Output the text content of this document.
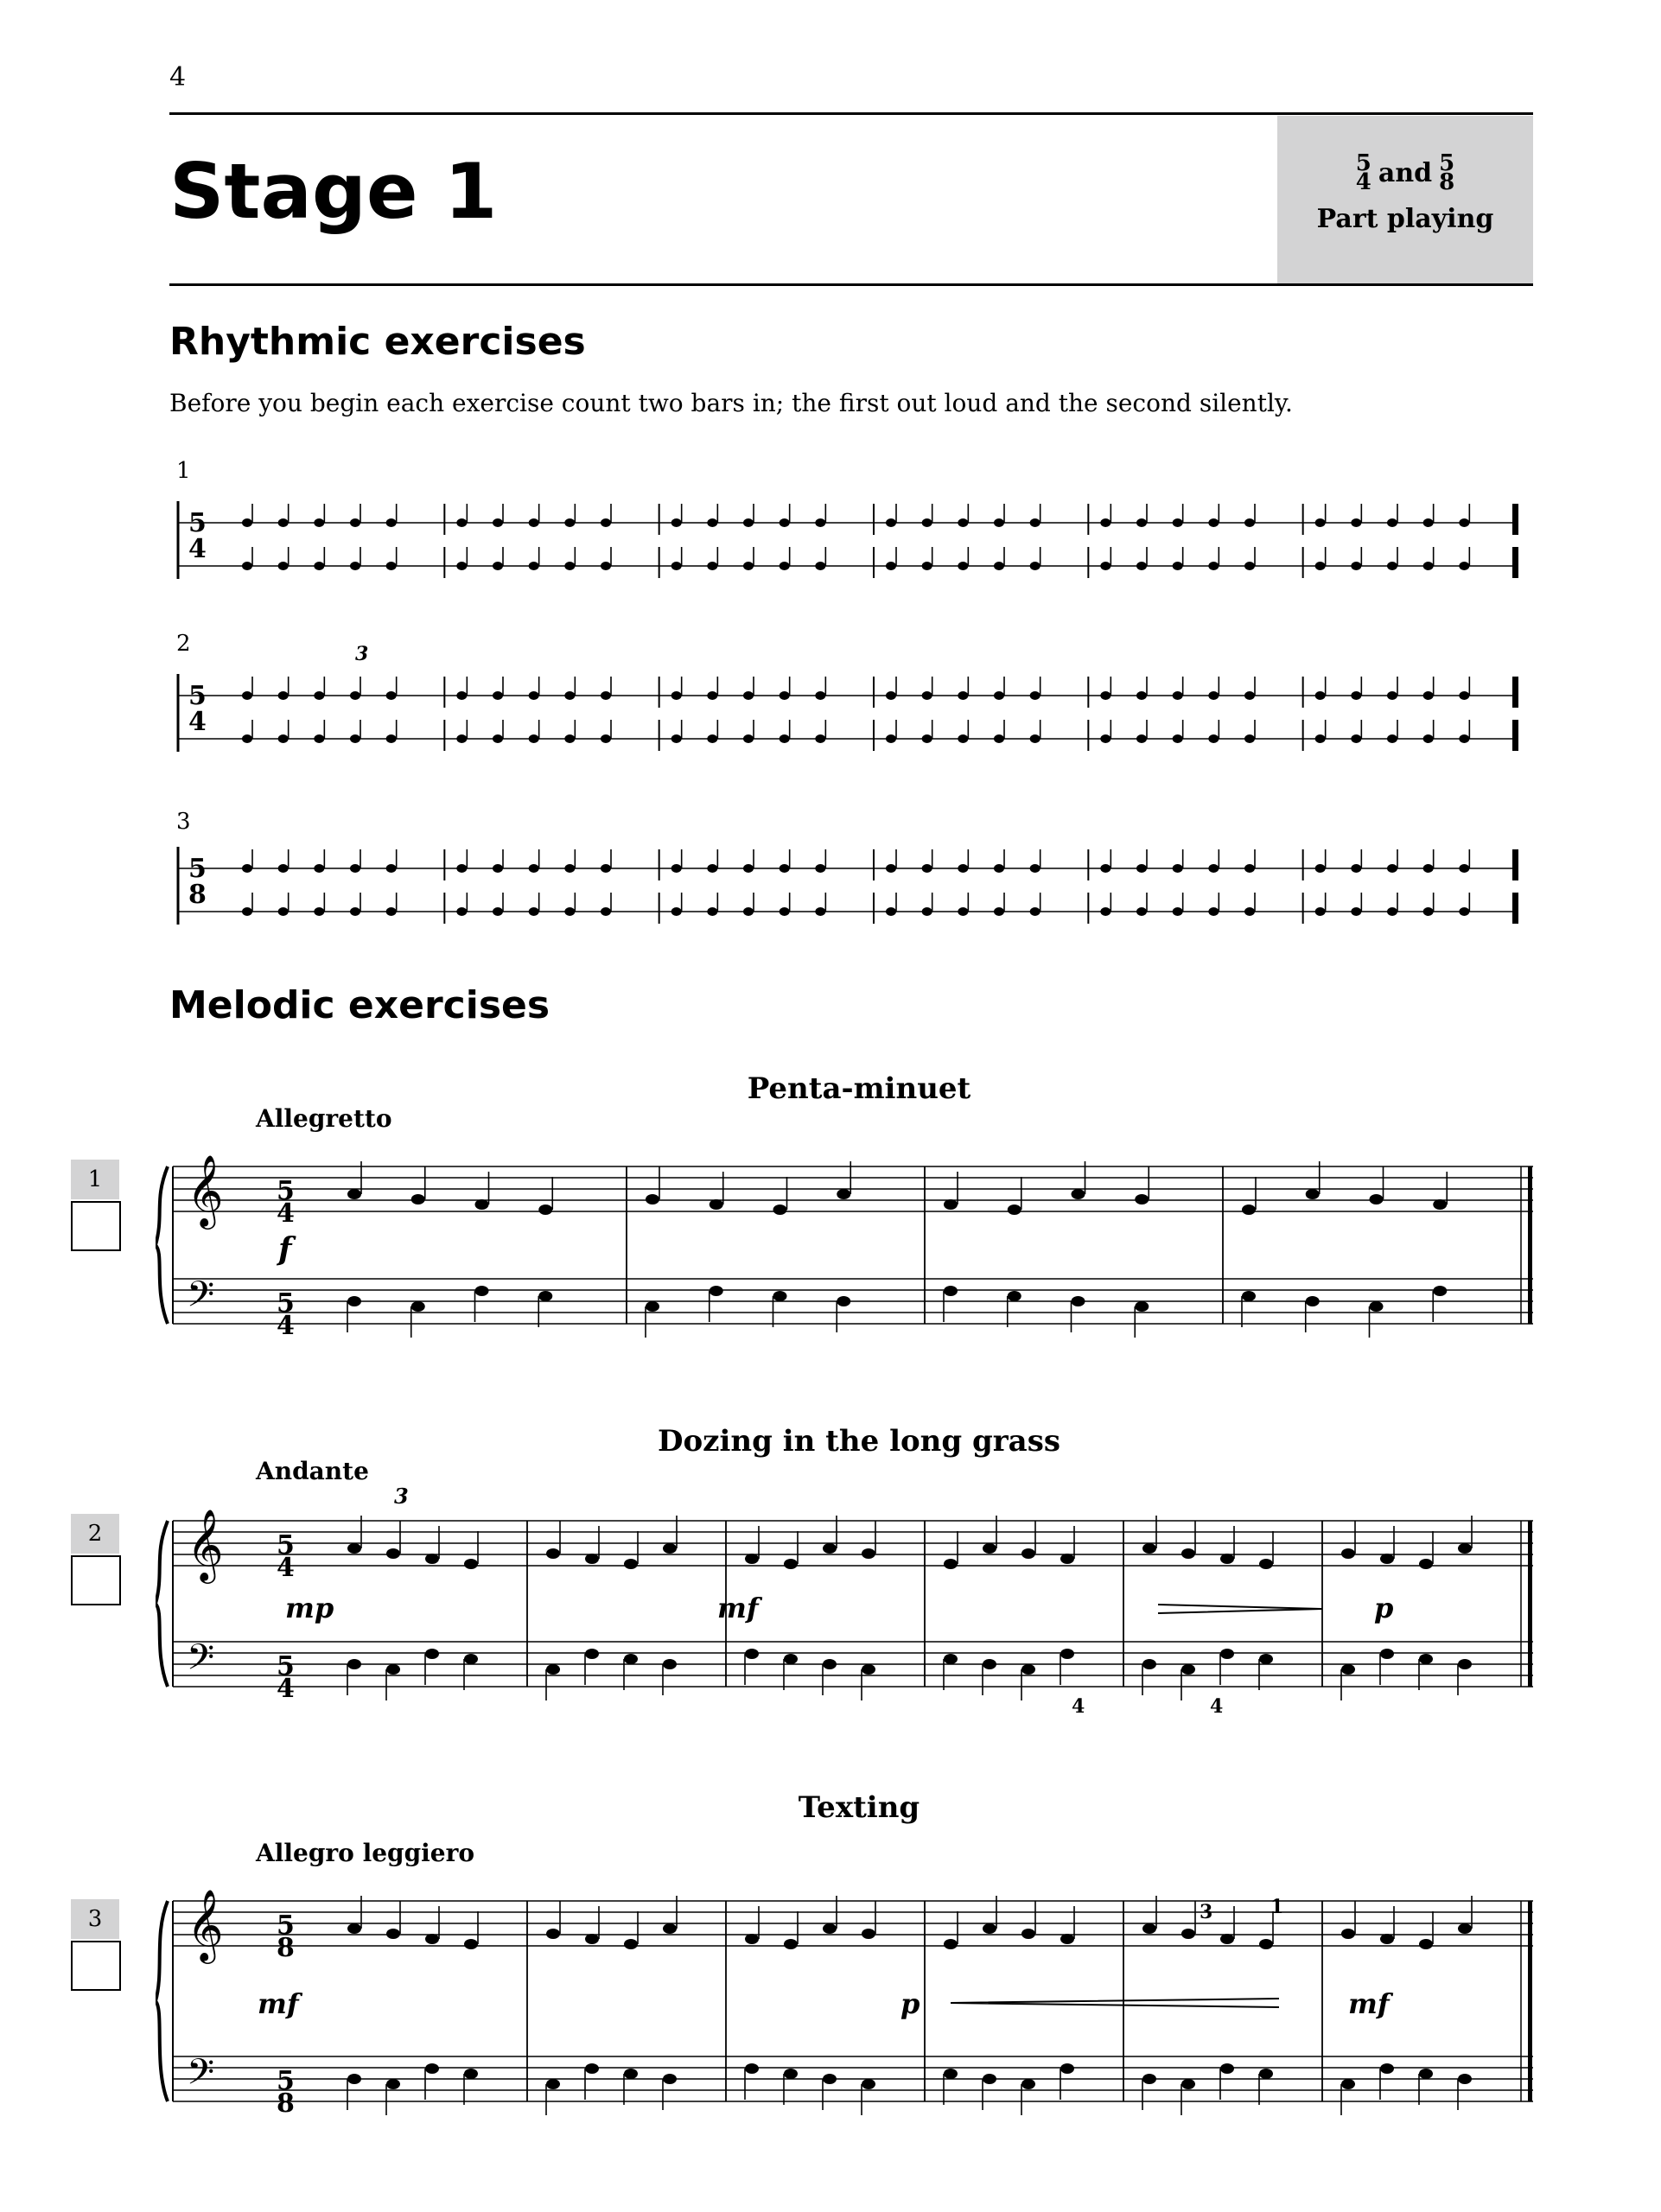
4
Stage 1	5
4 and 5
8
Part playing
Rhythmic exercises
Before you begin each exercise count two bars in; the first out loud and the second silently.
1
5
4
2
5
4
3
3
5
8
Melodic exercises
Penta-minuet
Allegretto
1 𝄞
𝄢
5
4
5
4
f
Dozing in the long grass
Andante
2 𝄞
𝄢
5
4
5
4
3
mp	mf	p
4	4
Texting
Allegro leggiero
3 𝄞
𝄢
5
8
5
8
mf	p	mf
3	1
